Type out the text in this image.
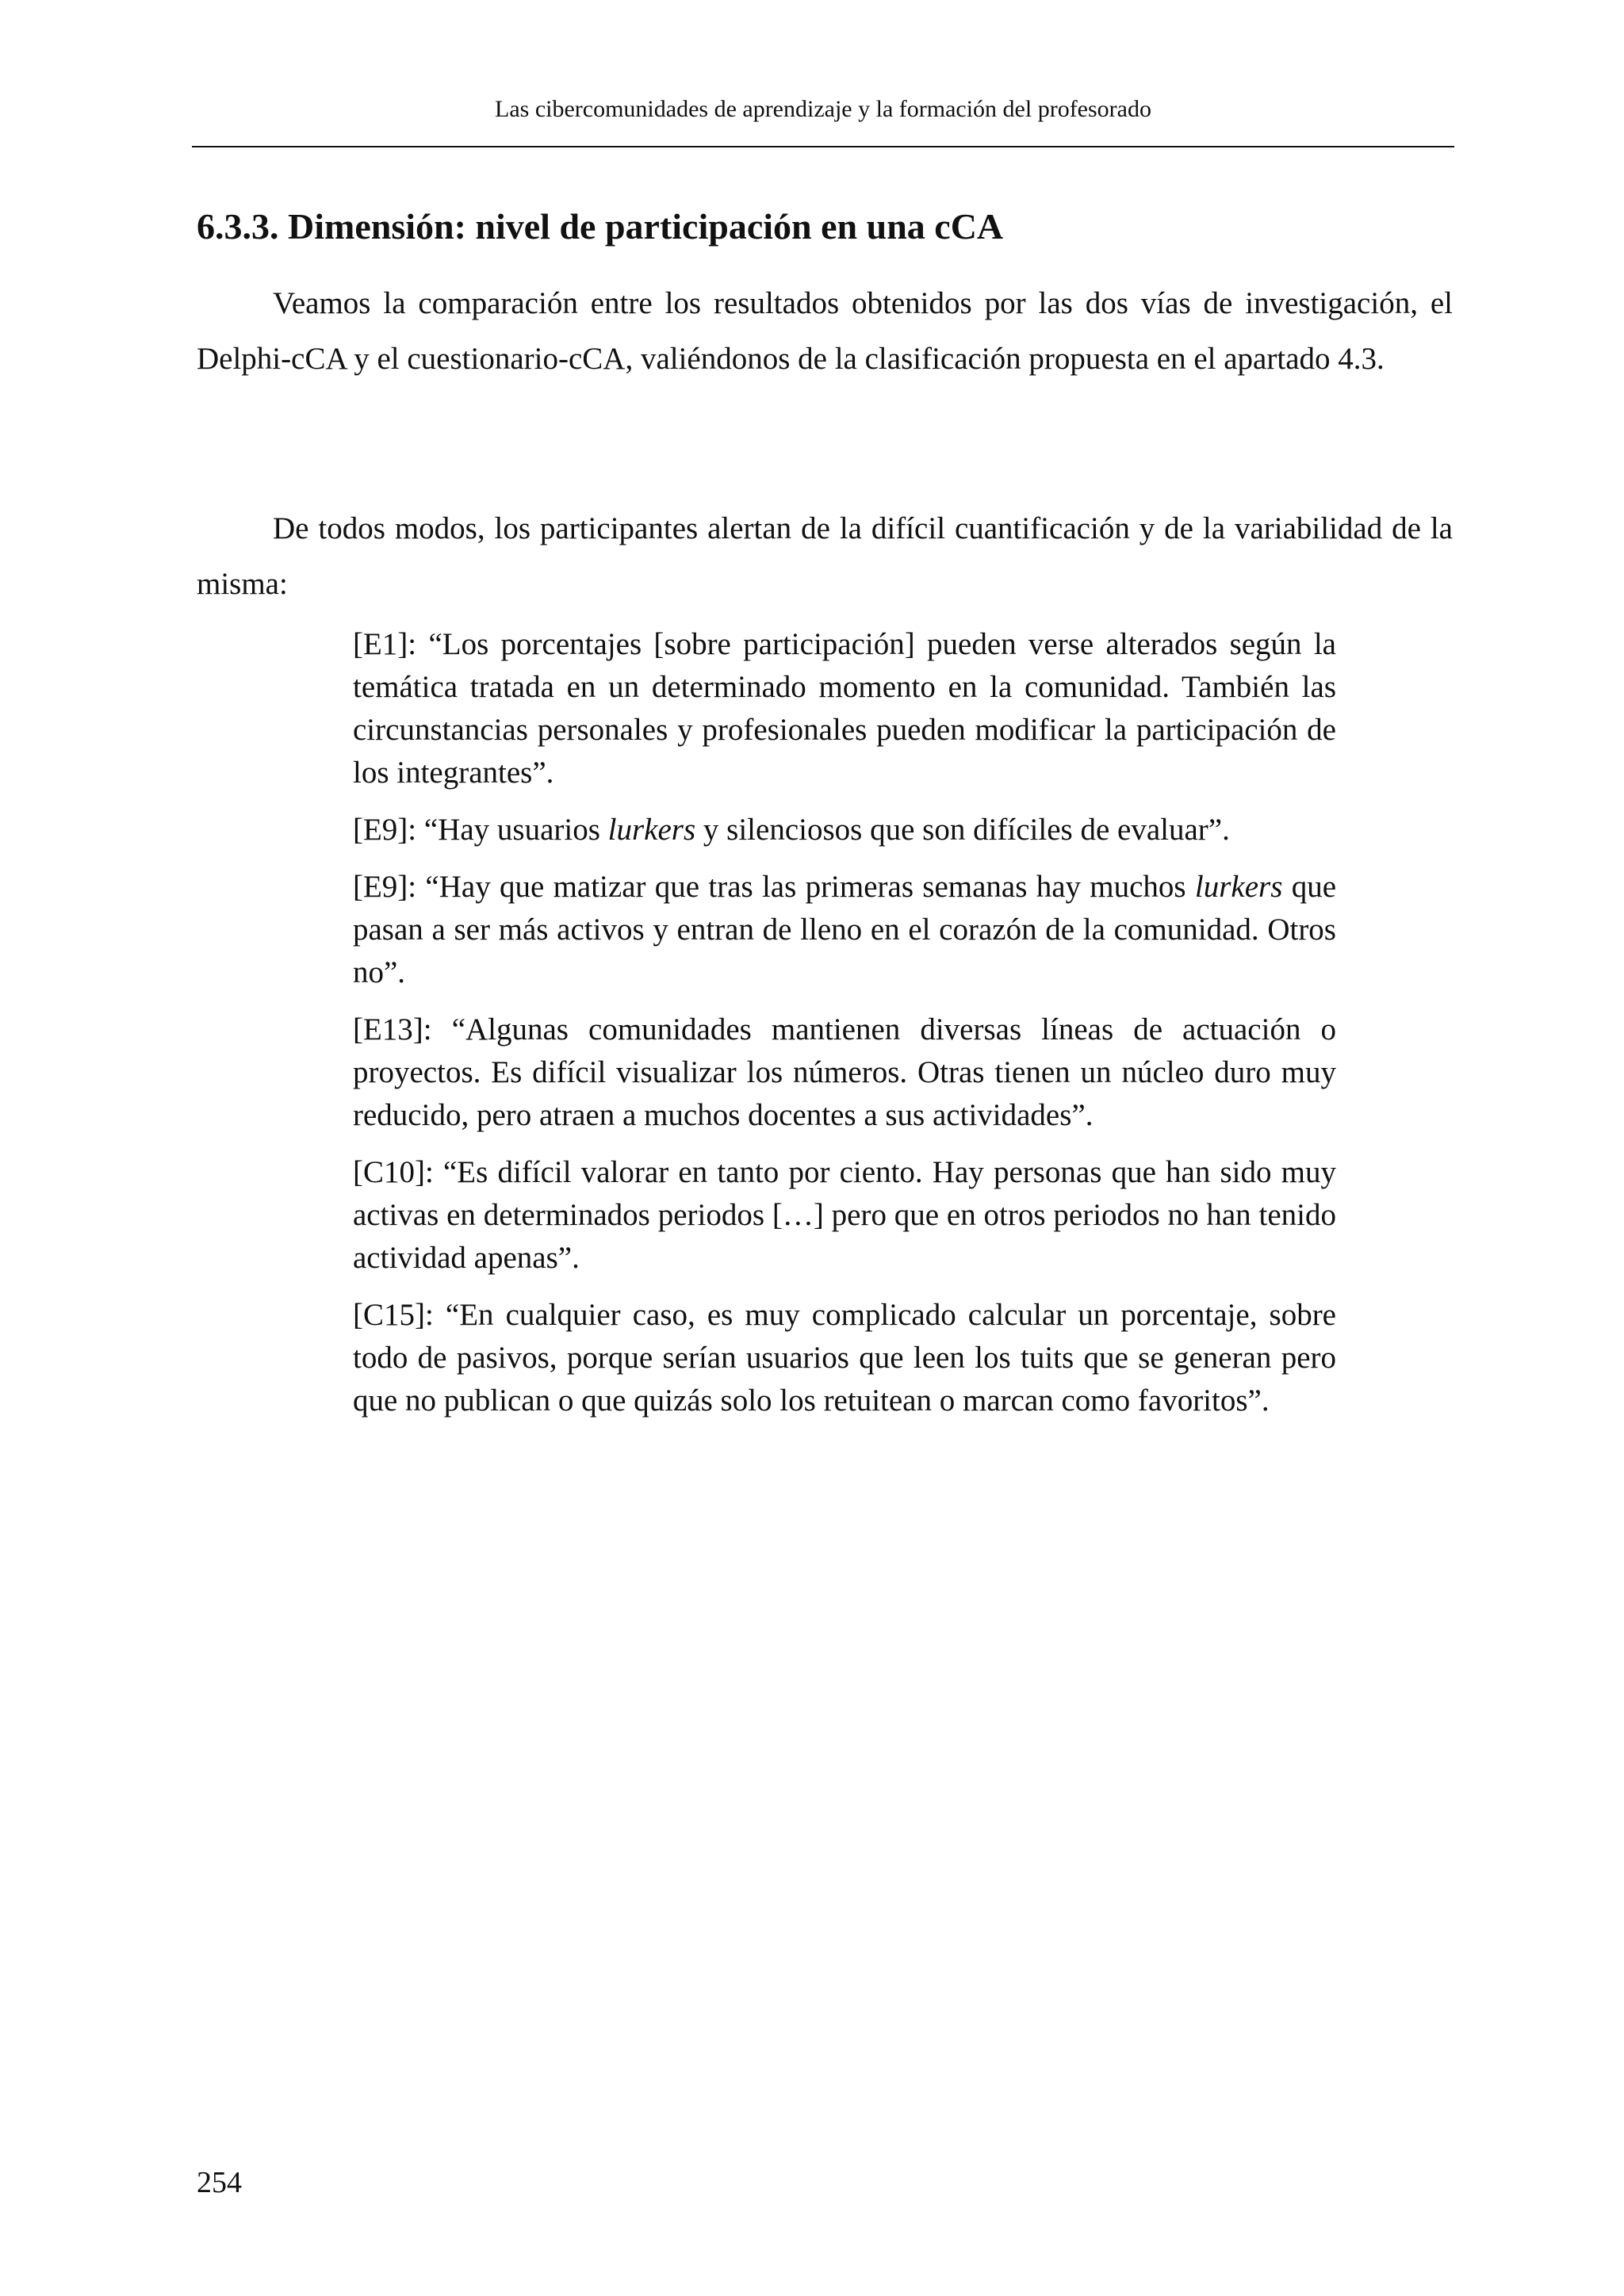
Las cibercomunidades de aprendizaje y la formación del profesorado
6.3.3. Dimensión: nivel de participación en una cCA

Veamos la comparación entre los resultados obtenidos por las dos vías de investigación, el Delphi-cCA y el cuestionario-cCA, valiéndonos de la clasificación propuesta en el apartado 4.3.

De todos modos, los participantes alertan de la difícil cuantificación y de la variabilidad de la misma:

[E1]: “Los porcentajes [sobre participación] pueden verse alterados según la temática tratada en un determinado momento en la comunidad. También las circunstancias personales y profesionales pueden modificar la participación de los integrantes”.

[E9]: “Hay usuarios lurkers y silenciosos que son difíciles de evaluar”.

[E9]: “Hay que matizar que tras las primeras semanas hay muchos lurkers que pasan a ser más activos y entran de lleno en el corazón de la comunidad. Otros no”.

[E13]: “Algunas comunidades mantienen diversas líneas de actuación o proyectos. Es difícil visualizar los números. Otras tienen un núcleo duro muy reducido, pero atraen a muchos docentes a sus actividades”.

[C10]: “Es difícil valorar en tanto por ciento. Hay personas que han sido muy activas en determinados periodos […] pero que en otros periodos no han tenido actividad apenas”.

[C15]: “En cualquier caso, es muy complicado calcular un porcentaje, sobre todo de pasivos, porque serían usuarios que leen los tuits que se generan pero que no publican o que quizás solo los retuitean o marcan como favoritos”.

254
